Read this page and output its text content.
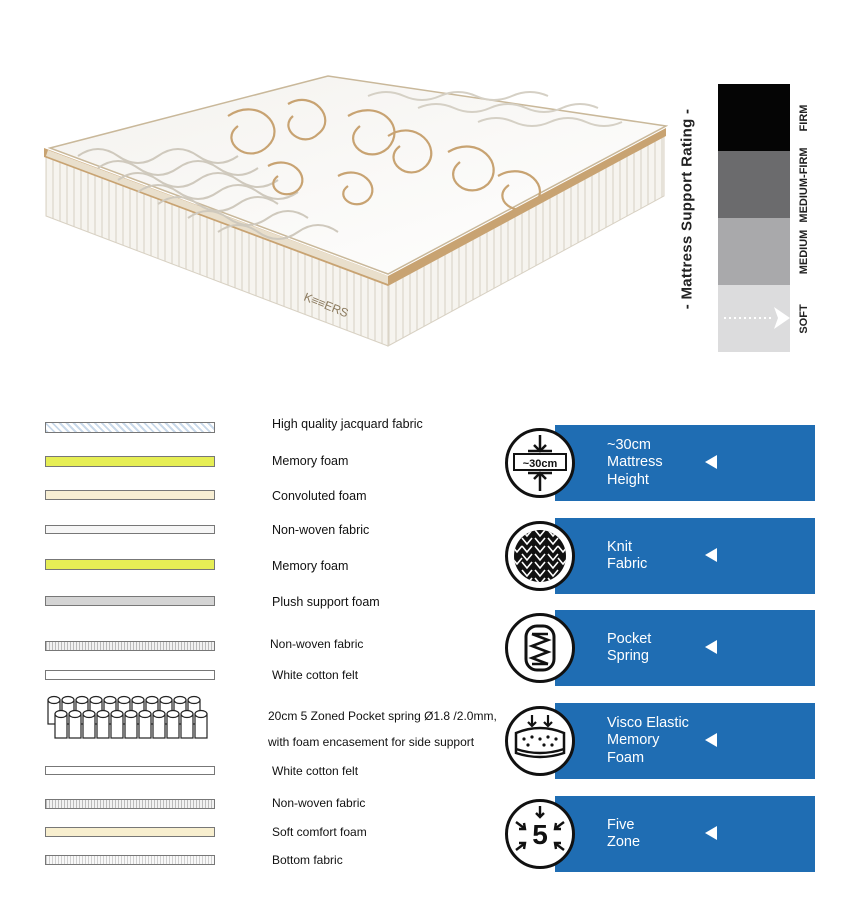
K≡≡ERS	- Mattress Support Rating -	FIRM
MEDIUM-FIRM
MEDIUM
SOFT
High quality jacquard fabric
Memory foam
Convoluted foam
Non-woven fabric
Memory foam
Plush support foam
Non-woven fabric
White cotton felt
20cm 5 Zoned Pocket spring Ø1.8 /2.0mm,
with foam encasement for side support
White cotton felt
Non-woven fabric
Soft comfort foam
Bottom fabric
~30cm
~30cm
Mattress
Height
Knit
Fabric
Pocket
Spring
Visco Elastic
Memory
Foam
5	Five
Zone
